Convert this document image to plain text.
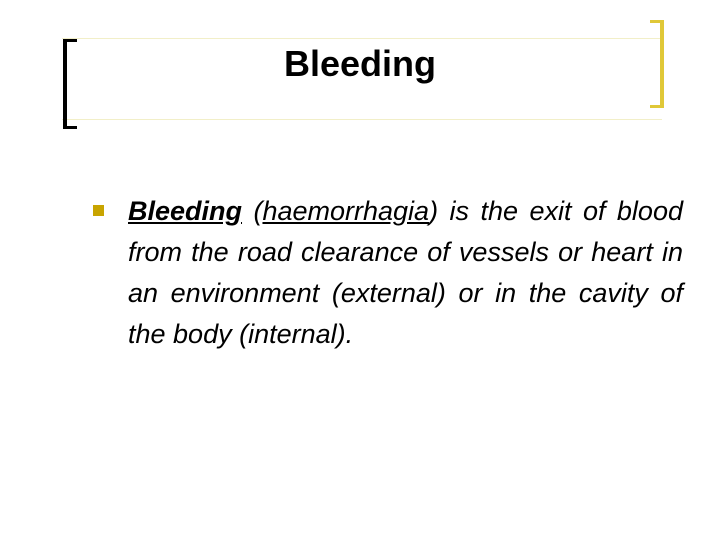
Bleeding

Bleeding (haemorrhagia) is the exit of blood from the road clearance of vessels or heart in an environment (external) or in the cavity of the body (internal).
